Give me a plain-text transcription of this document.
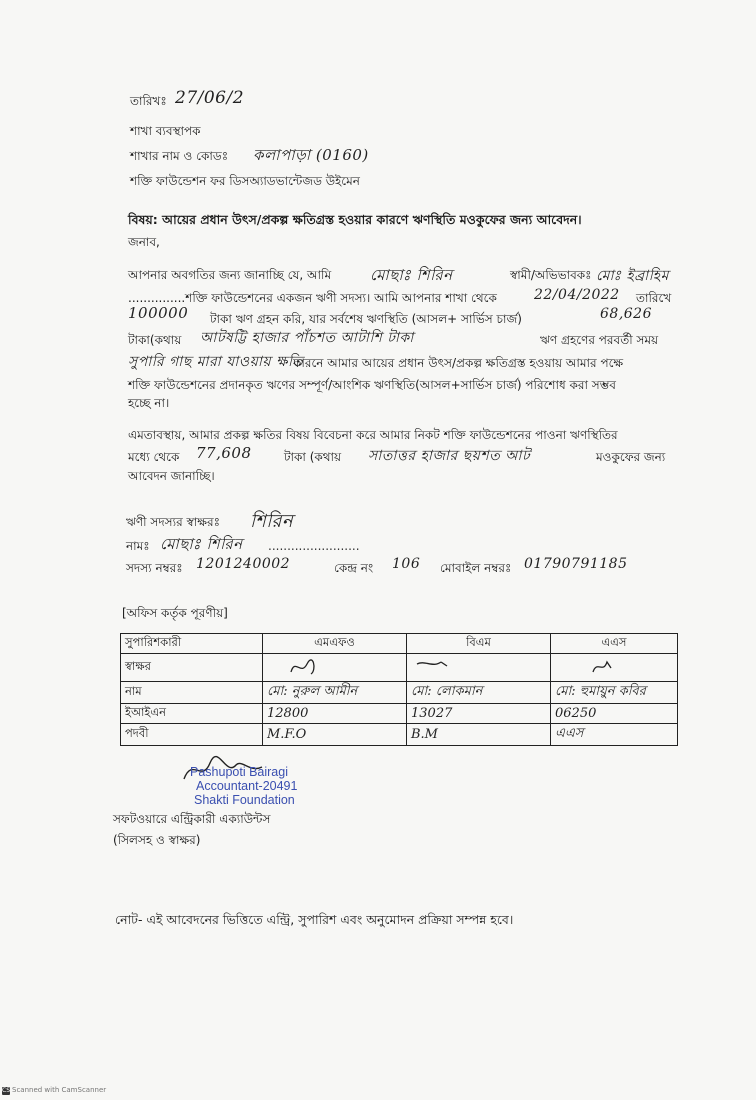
তারিখঃ 27/06/2
শাখা ব্যবস্থাপক
শাখার নাম ও কোডঃ কলাপাড়া (0160)
শক্তি ফাউন্ডেশন ফর ডিসঅ্যাডভান্টেজড উইমেন
বিষয়: আয়ের প্রধান উৎস/প্রকল্প ক্ষতিগ্রস্ত হওয়ার কারণে ঋণস্থিতি মওকুফের জন্য আবেদন।
জনাব,
আপনার অবগতির জন্য জানাচ্ছি যে, আমি	মোছাঃ শিরিন	স্বামী/অভিভাবকঃ মোঃ ইব্রাহিম
...............শক্তি ফাউন্ডেশনের একজন ঋণী সদস্য। আমি আপনার শাখা থেকে	22/04/2022 তারিখে
100000 টাকা ঋণ গ্রহন করি, যার সর্বশেষ ঋণস্থিতি (আসল+ সার্ভিস চার্জ)	68,626
টাকা(কথায় আটষট্টি হাজার পাঁচশত আটাশি টাকা	ঋণ গ্রহণের পরবর্তী সময়
সুপারি গাছ মারা যাওয়ায় ক্ষতি
কারনে আমার আয়ের প্রধান উৎস/প্রকল্প ক্ষতিগ্রস্ত হওয়ায় আমার পক্ষে
শক্তি ফাউন্ডেশনের প্রদানকৃত ঋণের সম্পূর্ণ/আংশিক ঋণস্থিতি(আসল+সার্ভিস চার্জ) পরিশোধ করা সম্ভব
হচ্ছে না।
এমতাবস্থায়, আমার প্রকল্প ক্ষতির বিষয় বিবেচনা করে আমার নিকট শক্তি ফাউন্ডেশনের পাওনা ঋণস্থিতির
মধ্যে থেকে 77,608	টাকা (কথায় সাতাত্তর হাজার ছয়শত আট	মওকুফের জন্য
আবেদন জানাচ্ছি।
ঋণী সদস্যর স্বাক্ষরঃ শিরিন
নামঃ মোছাঃ শিরিন ........................
সদস্য নম্বরঃ 1201240002	কেন্দ্র নং 106 মোবাইল নম্বরঃ 01790791185
[অফিস কর্তৃক পূরণীয়]
সুপারিশকারী	এমএফও	বিএম	এএস
স্বাক্ষর			
নাম	মো: নুরুল আমীন	মো: লোকমান	মো: হুমায়ুন কবির
ইআইএন	12800	13027	06250
পদবী	M.F.O	B.M	এএস
Pashupoti Bairagi
Accountant-20491
Shakti Foundation
সফটওয়ারে এন্ট্রিকারী এক্যাউন্টস
(সিলসহ ও স্বাক্ষর)
নোট- এই আবেদনের ভিত্তিতে এন্ট্রি, সুপারিশ এবং অনুমোদন প্রক্রিয়া সম্পন্ন হবে।
CS Scanned with CamScanner
